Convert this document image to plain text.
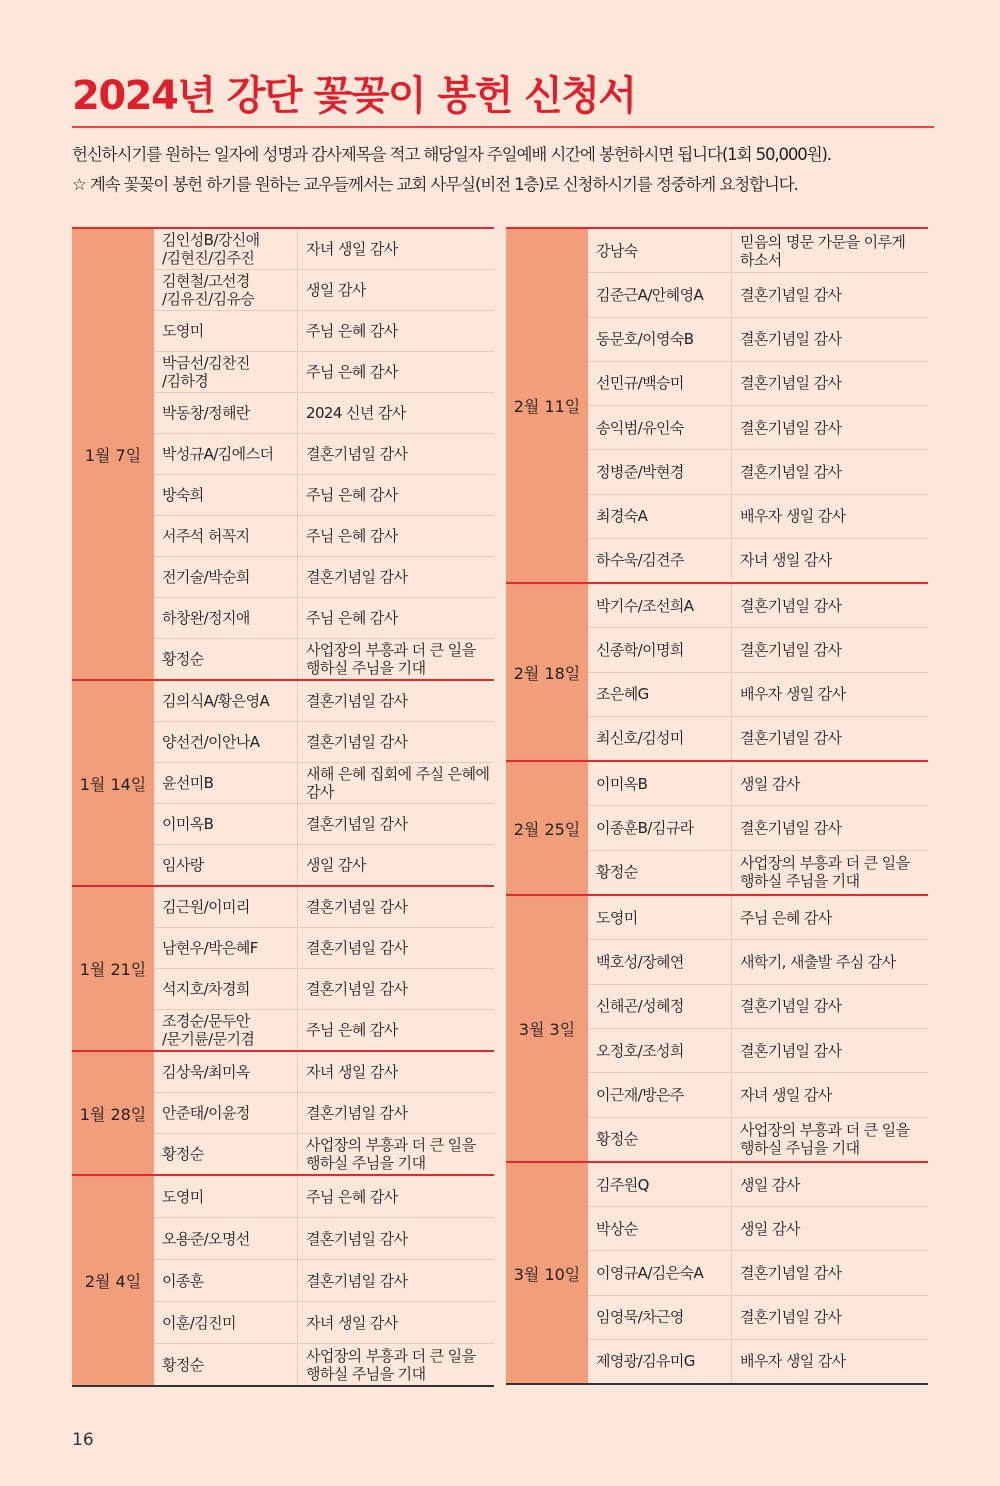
2024년 강단 꽃꽂이 봉헌 신청서
헌신하시기를 원하는 일자에 성명과 감사제목을 적고 해당일자 주일예배 시간에 봉헌하시면 됩니다(1회 50,000원).
☆ 계속 꽃꽂이 봉헌 하기를 원하는 교우들께서는 교회 사무실(비전 1층)로 신청하시기를 정중하게 요청합니다.
1월 7일
김인성B/강신애
/김현진/김주진	자녀 생일 감사
김현철/고선경
/김유진/김유승	생일 감사
도영미	주님 은혜 감사
박금선/김찬진
/김하경	주님 은혜 감사
박동창/정해란	2024 신년 감사
박성규A/김에스더	결혼기념일 감사
방숙희	주님 은혜 감사
서주석 허꼭지	주님 은혜 감사
전기술/박순희	결혼기념일 감사
하창완/정지애	주님 은혜 감사
황정순	사업장의 부흥과 더 큰 일을
행하실 주님을 기대
1월 14일
김의식A/황은영A	결혼기념일 감사
양선건/이안나A	결혼기념일 감사
윤선미B	새해 은혜 집회에 주실 은혜에
감사
이미옥B	결혼기념일 감사
임사랑	생일 감사
1월 21일
김근원/이미리	결혼기념일 감사
남현우/박은혜F	결혼기념일 감사
석지호/차경희	결혼기념일 감사
조경순/문두안
/문기륜/문기겸	주님 은혜 감사
1월 28일
김상욱/최미옥	자녀 생일 감사
안준태/이윤정	결혼기념일 감사
황정순	사업장의 부흥과 더 큰 일을
행하실 주님을 기대
2월 4일
도영미	주님 은혜 감사
오용준/오명선	결혼기념일 감사
이종훈	결혼기념일 감사
이훈/김진미	자녀 생일 감사
황정순	사업장의 부흥과 더 큰 일을
행하실 주님을 기대
2월 11일
강남숙	믿음의 명문 가문을 이루게
하소서
김준근A/안혜영A	결혼기념일 감사
동문호/이영숙B	결혼기념일 감사
선민규/백승미	결혼기념일 감사
송익범/유인숙	결혼기념일 감사
정병준/박현경	결혼기념일 감사
최경숙A	배우자 생일 감사
하수욱/김견주	자녀 생일 감사
2월 18일
박기수/조선희A	결혼기념일 감사
신종학/이명희	결혼기념일 감사
조은혜G	배우자 생일 감사
최신호/김성미	결혼기념일 감사
2월 25일
이미옥B	생일 감사
이종훈B/김규라	결혼기념일 감사
황정순	사업장의 부흥과 더 큰 일을
행하실 주님을 기대
3월 3일
도영미	주님 은혜 감사
백호성/장혜연	새학기, 새출발 주심 감사
신해곤/성혜정	결혼기념일 감사
오정호/조성희	결혼기념일 감사
이근재/방은주	자녀 생일 감사
황정순	사업장의 부흥과 더 큰 일을
행하실 주님을 기대
3월 10일
김주원Q	생일 감사
박상순	생일 감사
이영규A/김은숙A	결혼기념일 감사
임영묵/차근영	결혼기념일 감사
제영광/김유미G	배우자 생일 감사
16
